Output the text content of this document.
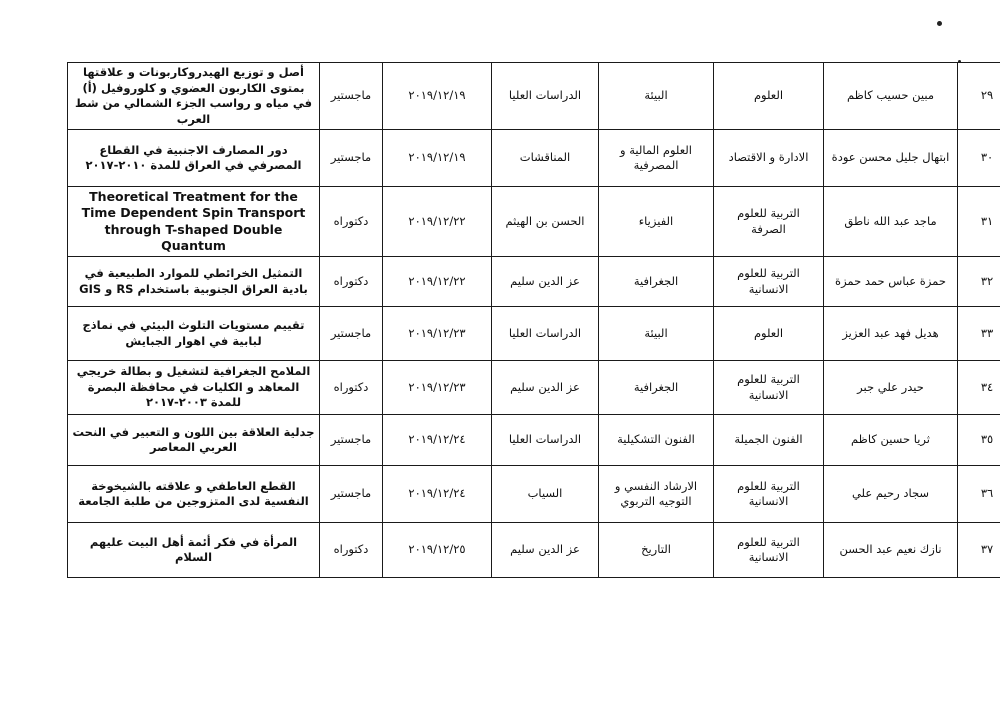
٢٩	مبين حسيب كاظم	العلوم	البيئة	الدراسات العليا	٢٠١٩/١٢/١٩	ماجستير	أصل و توزيع الهيدروكاربونات و علاقتها بمتوى الكاربون العضوي و كلوروفيل (أ) في مياه و رواسب الجزء الشمالي من شط العرب
٣٠	ابتهال جليل محسن عودة	الادارة و الاقتصاد	العلوم المالية و المصرفية	المناقشات	٢٠١٩/١٢/١٩	ماجستير	دور المصارف الاجنبية في القطاع المصرفي في العراق للمدة ٢٠١٠-٢٠١٧
٣١	ماجد عبد الله ناطق	التربية للعلوم الصرفة	الفيزياء	الحسن بن الهيثم	٢٠١٩/١٢/٢٢	دكتوراه	Theoretical Treatment for the Time Dependent Spin Transport through T-shaped Double Quantum
٣٢	حمزة عباس حمد حمزة	التربية للعلوم الانسانية	الجغرافية	عز الدين سليم	٢٠١٩/١٢/٢٢	دكتوراه	التمثيل الخرائطي للموارد الطبيعية في بادية العراق الجنوبية باستخدام RS و GIS
٣٣	هديل فهد عبد العزيز	العلوم	البيئة	الدراسات العليا	٢٠١٩/١٢/٢٣	ماجستير	تقييم مستويات التلوث البيئي في نماذج لبابية في اهوار الجبايش
٣٤	حيدر علي جبر	التربية للعلوم الانسانية	الجغرافية	عز الدين سليم	٢٠١٩/١٢/٢٣	دكتوراه	الملامح الجغرافية لتشغيل و بطالة خريجي المعاهد و الكليات في محافظة البصرة للمدة ٢٠٠٣-٢٠١٧
٣٥	ثريا حسين كاظم	الفنون الجميلة	الفنون التشكيلية	الدراسات العليا	٢٠١٩/١٢/٢٤	ماجستير	جدلية العلاقة بين اللون و التعبير في النحت العربي المعاصر
٣٦	سجاد رحيم علي	التربية للعلوم الانسانية	الارشاد النفسي و التوجيه التربوي	السياب	٢٠١٩/١٢/٢٤	ماجستير	القطع العاطفي و علاقته بالشيخوخة النفسية لدى المتزوجين من طلبة الجامعة
٣٧	نازك نعيم عبد الحسن	التربية للعلوم الانسانية	التاريخ	عز الدين سليم	٢٠١٩/١٢/٢٥	دكتوراه	المرأة في فكر أئمة أهل البيت عليهم السلام
